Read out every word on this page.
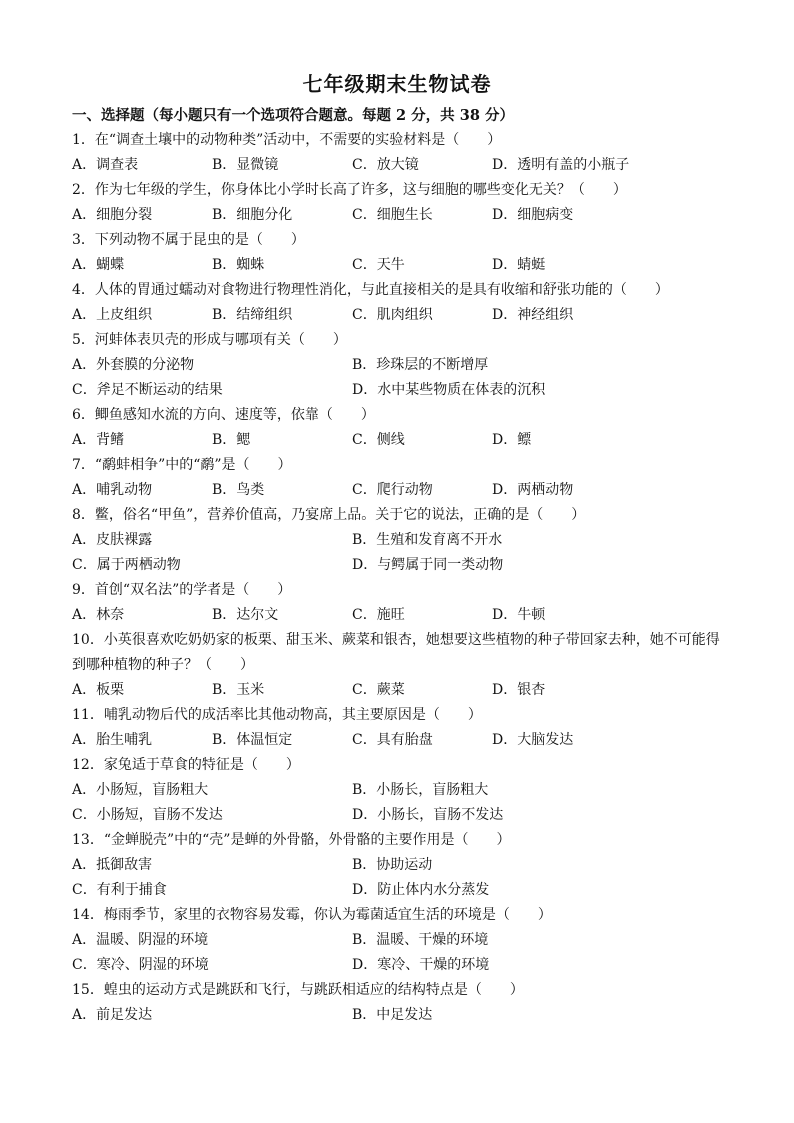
七年级期末生物试卷
一、选择题（每小题只有一个选项符合题意。每题 2 分，共 38 分）
1．在“调查土壤中的动物种类”活动中，不需要的实验材料是（　　）
A．调查表	B．显微镜	C．放大镜	D．透明有盖的小瓶子
2．作为七年级的学生，你身体比小学时长高了许多，这与细胞的哪些变化无关？（　　）
A．细胞分裂	B．细胞分化	C．细胞生长	D．细胞病变
3．下列动物不属于昆虫的是（　　）
A．蝴蝶	B．蜘蛛	C．天牛	D．蜻蜓
4．人体的胃通过蠕动对食物进行物理性消化，与此直接相关的是具有收缩和舒张功能的（　　）
A．上皮组织	B．结缔组织	C．肌肉组织	D．神经组织
5．河蚌体表贝壳的形成与哪项有关（　　）
A．外套膜的分泌物	B．珍珠层的不断增厚
C．斧足不断运动的结果	D．水中某些物质在体表的沉积
6．鲫鱼感知水流的方向、速度等，依靠（　　）
A．背鳍	B．鳃	C．侧线	D．鳔
7．“鹬蚌相争”中的“鹬”是（　　）
A．哺乳动物	B．鸟类	C．爬行动物	D．两栖动物
8．鳖，俗名“甲鱼”，营养价值高，乃宴席上品。关于它的说法，正确的是（　　）
A．皮肤裸露	B．生殖和发育离不开水
C．属于两栖动物	D．与鳄属于同一类动物
9．首创“双名法”的学者是（　　）
A．林奈	B．达尔文	C．施旺	D．牛顿
10．小英很喜欢吃奶奶家的板栗、甜玉米、蕨菜和银杏，她想要这些植物的种子带回家去种，她不可能得
到哪种植物的种子？（　　）
A．板栗	B．玉米	C．蕨菜	D．银杏
11．哺乳动物后代的成活率比其他动物高，其主要原因是（　　）
A．胎生哺乳	B．体温恒定	C．具有胎盘	D．大脑发达
12．家兔适于草食的特征是（　　）
A．小肠短，盲肠粗大	B．小肠长，盲肠粗大
C．小肠短，盲肠不发达	D．小肠长，盲肠不发达
13．“金蝉脱壳”中的“壳”是蝉的外骨骼，外骨骼的主要作用是（　　）
A．抵御敌害	B．协助运动
C．有利于捕食	D．防止体内水分蒸发
14．梅雨季节，家里的衣物容易发霉，你认为霉菌适宜生活的环境是（　　）
A．温暖、阴湿的环境	B．温暖、干燥的环境
C．寒冷、阴湿的环境	D．寒冷、干燥的环境
15．蝗虫的运动方式是跳跃和飞行，与跳跃相适应的结构特点是（　　）
A．前足发达	B．中足发达
